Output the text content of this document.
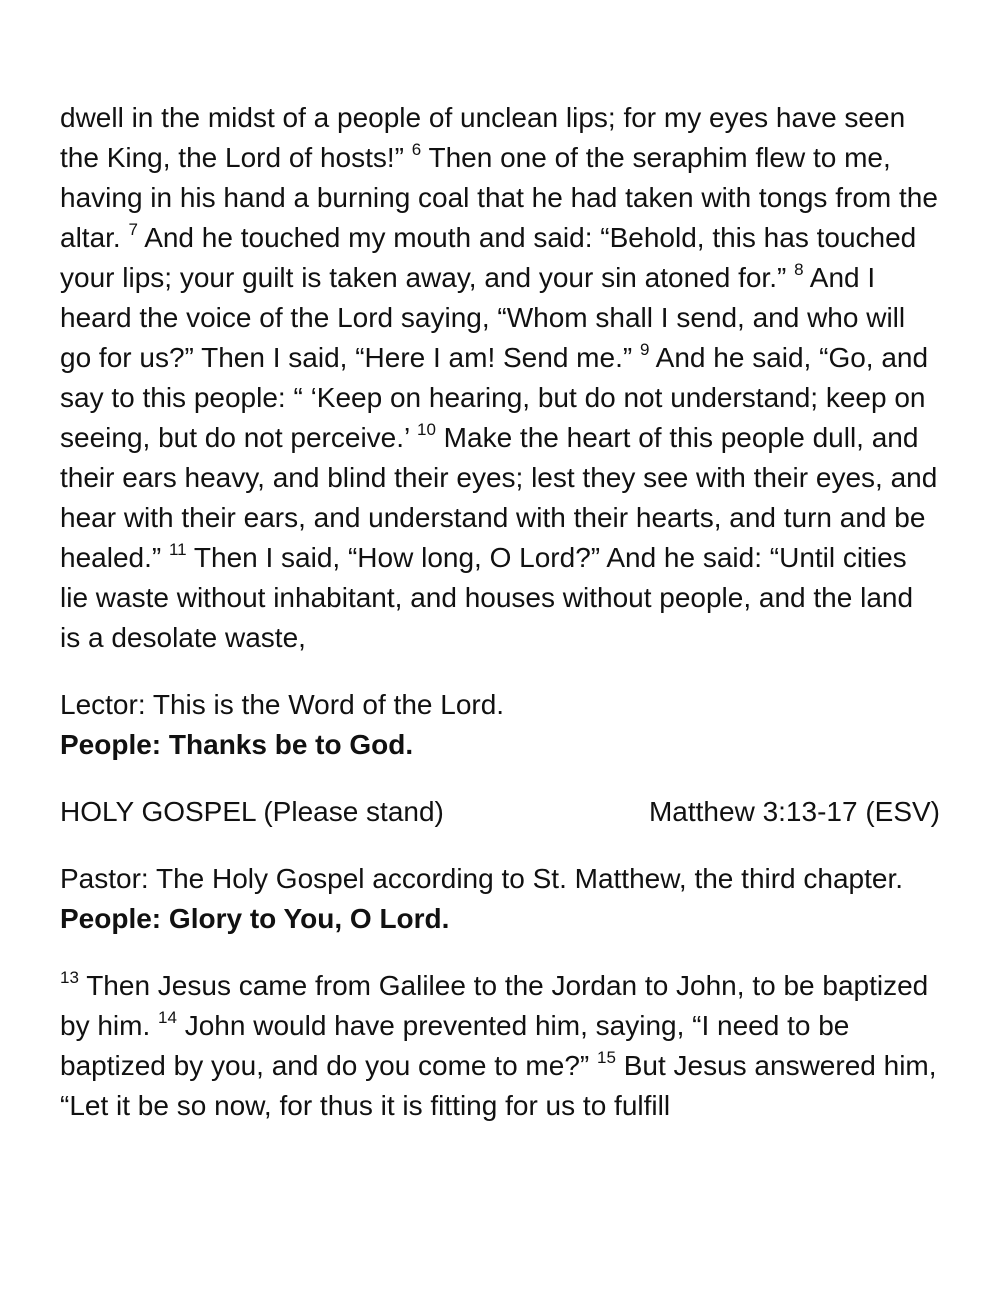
dwell in the midst of a people of unclean lips; for my eyes have seen the King, the Lord of hosts!” $^6$ Then one of the seraphim flew to me, having in his hand a burning coal that he had taken with tongs from the altar. $^7$ And he touched my mouth and said: “Behold, this has touched your lips; your guilt is taken away, and your sin atoned for.” $^8$ And I heard the voice of the Lord saying, “Whom shall I send, and who will go for us?” Then I said, “Here I am! Send me.” $^9$ And he said, “Go, and say to this people: “ ‘Keep on hearing, but do not understand; keep on seeing, but do not perceive.’ $^{10}$ Make the heart of this people dull, and their ears heavy, and blind their eyes; lest they see with their eyes, and hear with their ears, and understand with their hearts, and turn and be healed.” $^{11}$ Then I said, “How long, O Lord?” And he said: “Until cities lie waste without inhabitant, and houses without people, and the land is a desolate waste,

Lector: This is the Word of the Lord.
People: Thanks be to God.

HOLY GOSPEL (Please stand)	Matthew 3:13-17 (ESV)

Pastor: The Holy Gospel according to St. Matthew, the third chapter.
People: Glory to You, O Lord.

$^{13}$ Then Jesus came from Galilee to the Jordan to John, to be baptized by him. $^{14}$ John would have prevented him, saying, “I need to be baptized by you, and do you come to me?” $^{15}$ But Jesus answered him, “Let it be so now, for thus it is fitting for us to fulfill
